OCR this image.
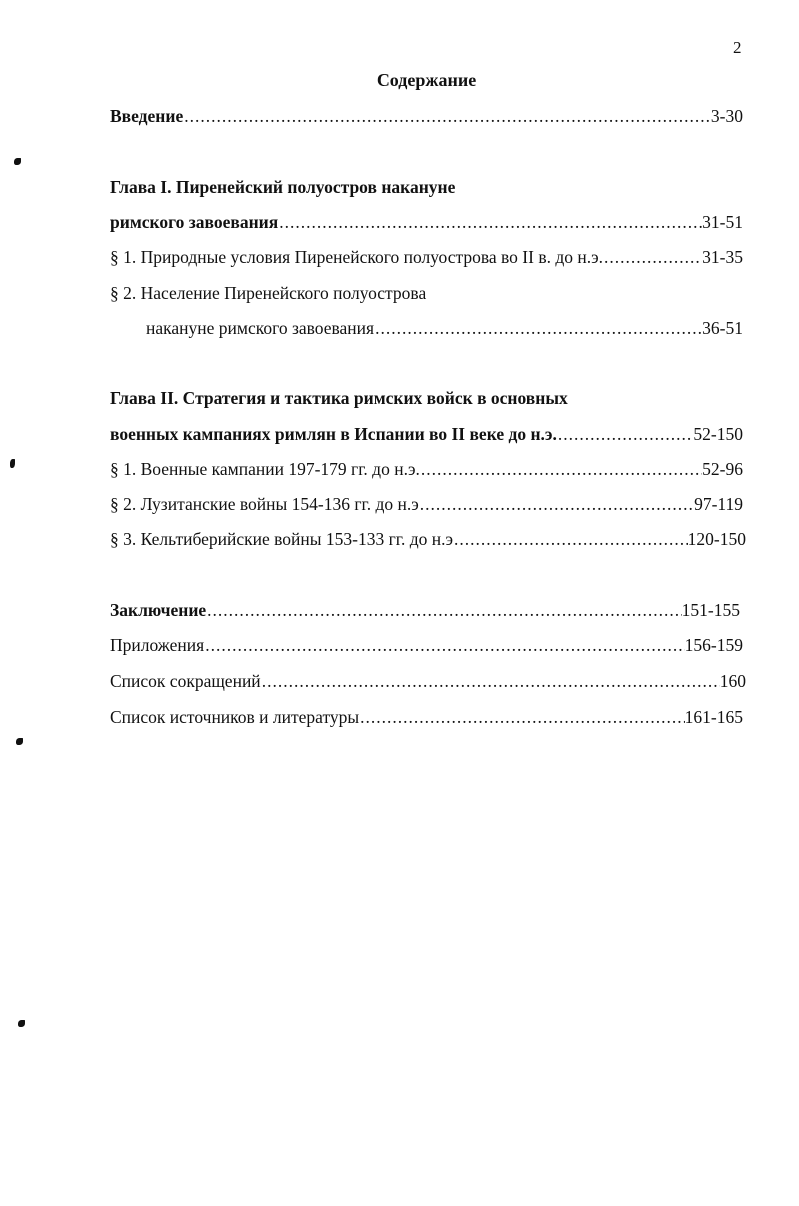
2
Содержание
Введение .....	3-30
Глава I. Пиренейский полуостров накануне
римского завоевания .....	31-51
§ 1. Природные условия Пиренейского полуострова во II в. до н.э. .....	31-35
§ 2. Население Пиренейского полуострова
накануне римского завоевания .....	36-51
Глава II. Стратегия и тактика римских войск в основных
военных кампаниях римлян в Испании во II веке до н.э. .....	52-150
§ 1. Военные кампании 197-179 гг. до н.э. .....	52-96
§ 2. Лузитанские войны 154-136 гг. до н.э .....	97-119
§ 3. Кельтиберийские войны 153-133 гг. до н.э .....	120-150
Заключение .....	151-155
Приложения .....	156-159
Список сокращений .....	160
Список источников и литературы .....	161-165
